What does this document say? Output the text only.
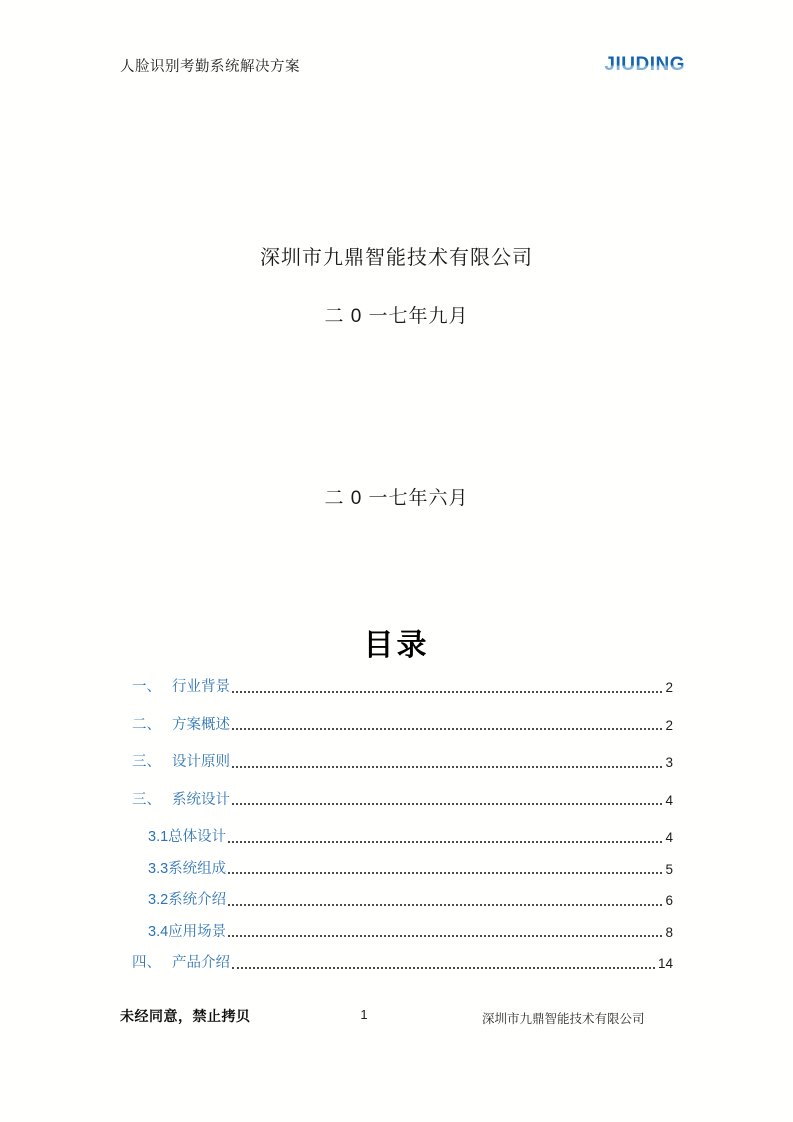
人脸识别考勤系统解决方案	JIUDING
深圳市九鼎智能技术有限公司
二 0 一七年九月
二 0 一七年六月
目录
一、 行业背景	2
二、 方案概述	2
三、 设计原则	3
三、 系统设计	4
3.1总体设计	4
3.3系统组成	5
3.2系统介绍	6
3.4应用场景	8
四、 产品介绍	14
未经同意，禁止拷贝	1	深圳市九鼎智能技术有限公司
